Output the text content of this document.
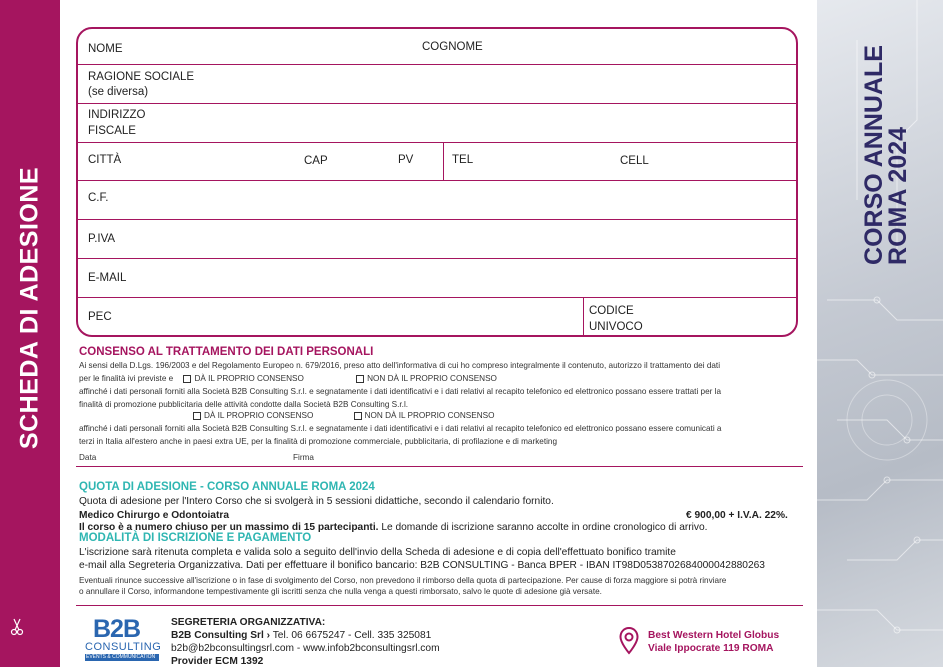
SCHEDA DI ADESIONE
CORSO ANNUALE
ROMA 2024
NOME	COGNOME
RAGIONE SOCIALE
(se diversa)
INDIRIZZO
FISCALE
CITTÀ	CAP	PV	TEL	CELL
C.F.
P.IVA
E-MAIL
PEC	CODICE
UNIVOCO
CONSENSO AL TRATTAMENTO DEI DATI PERSONALI
Ai sensi della D.Lgs. 196/2003 e del Regolamento Europeo n. 679/2016, preso atto dell'informativa di cui ho compreso integralmente il contenuto, autorizzo il trattamento dei dati
per le finalità ivi previste e	DÀ IL PROPRIO CONSENSO	NON DÀ IL PROPRIO CONSENSO
affinché i dati personali forniti alla Società B2B Consulting S.r.l. e segnatamente i dati identificativi e i dati relativi al recapito telefonico ed elettronico possano essere trattati per la
finalità di promozione pubblicitaria delle attività condotte dalla Società B2B Consulting S.r.l.
DÀ IL PROPRIO CONSENSO	NON DÀ IL PROPRIO CONSENSO
affinché i dati personali forniti alla Società B2B Consulting S.r.l. e segnatamente i dati identificativi e i dati relativi al recapito telefonico ed elettronico possano essere comunicati a
terzi in Italia all'estero anche in paesi extra UE, per la finalità di promozione commerciale, pubblicitaria, di profilazione e di marketing
Data	Firma
QUOTA DI ADESIONE - CORSO ANNUALE ROMA 2024
Quota di adesione per l'Intero Corso che si svolgerà in 5 sessioni didattiche, secondo il calendario fornito.
Medico Chirurgo e Odontoiatra	€ 900,00 + I.V.A. 22%.
Il corso è a numero chiuso per un massimo di 15 partecipanti. Le domande di iscrizione saranno accolte in ordine cronologico di arrivo.
MODALITÀ DI ISCRIZIONE E PAGAMENTO
L'iscrizione sarà ritenuta completa e valida solo a seguito dell'invio della Scheda di adesione e di copia dell'effettuato bonifico tramite
e-mail alla Segreteria Organizzativa. Dati per effettuare il bonifico bancario: B2B CONSULTING - Banca BPER - IBAN IT98D0538702684000042880263
Eventuali rinunce successive all'iscrizione o in fase di svolgimento del Corso, non prevedono il rimborso della quota di partecipazione. Per cause di forza maggiore si potrà rinviare
o annullare il Corso, informandone tempestivamente gli iscritti senza che nulla venga a questi rimborsato, salvo le quote di adesione già versate.
B2B
CONSULTING
EVENTS & COMMUNICATION
SEGRETERIA ORGANIZZATIVA:
B2B Consulting Srl › Tel. 06 6675247 - Cell. 335 325081
b2b@b2bconsultingsrl.com - www.infob2bconsultingsrl.com
Provider ECM 1392
Best Western Hotel Globus
Viale Ippocrate 119 ROMA
